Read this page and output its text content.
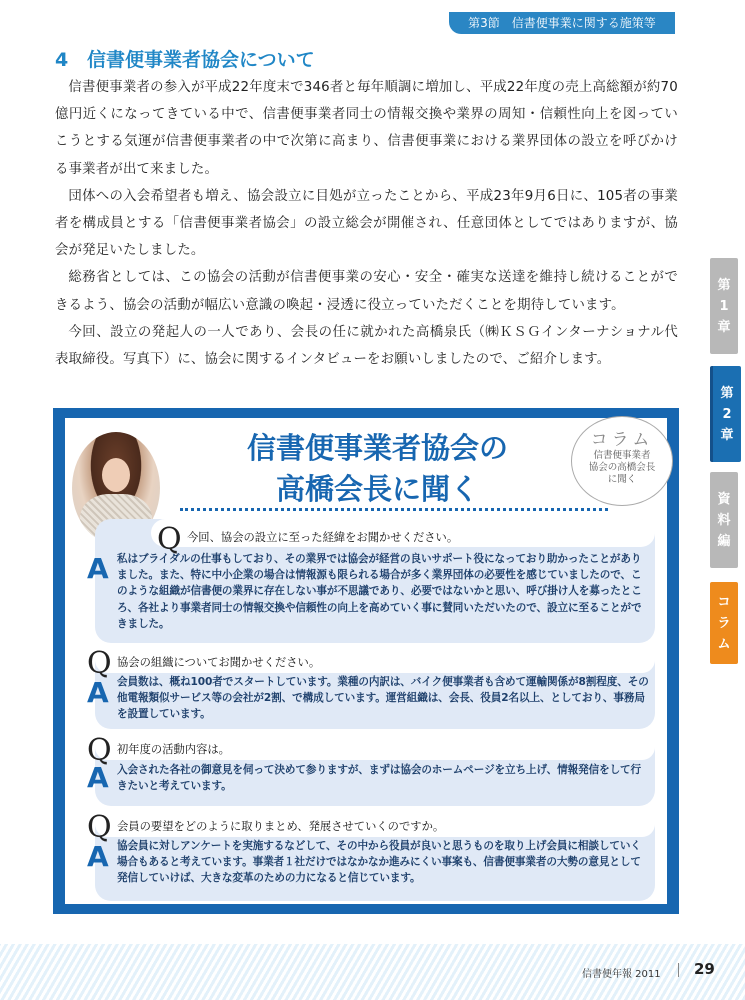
第3節　信書便事業に関する施策等
4 信書便事業者協会について

信書便事業者の参入が平成22年度末で346者と毎年順調に増加し、平成22年度の売上高総額が約70億円近くになってきている中で、信書便事業者同士の情報交換や業界の周知・信頼性向上を図っていこうとする気運が信書便事業者の中で次第に高まり、信書便事業における業界団体の設立を呼びかける事業者が出て来ました。

団体への入会希望者も増え、協会設立に目処が立ったことから、平成23年9月6日に、105者の事業者を構成員とする「信書便事業者協会」の設立総会が開催され、任意団体としてではありますが、協会が発足いたしました。

総務省としては、この協会の活動が信書便事業の安心・安全・確実な送達を維持し続けることができるよう、協会の活動が幅広い意識の喚起・浸透に役立っていただくことを期待しています。

今回、設立の発起人の一人であり、会長の任に就かれた高橋泉氏（㈱ＫＳＧインターナショナル代表取締役。写真下）に、協会に関するインタビューをお願いしましたので、ご紹介します。

第
1
章
第
2
章
資
料
編
コ
ラ
ム
信書便事業者協会の
高橋会長に聞く
コラム
信書便事業者
協会の高橋会長
に聞く
Q 今回、協会の設立に至った経緯をお聞かせください。
A 私はブライダルの仕事もしており、その業界では協会が経営の良いサポート役になっており助かったことがありました。また、特に中小企業の場合は情報源も限られる場合が多く業界団体の必要性を感じていましたので、このような組織が信書便の業界に存在しない事が不思議であり、必要ではないかと思い、呼び掛け人を募ったところ、各社より事業者同士の情報交換や信頼性の向上を高めていく事に賛同いただいたので、設立に至ることができました。
Q 協会の組織についてお聞かせください。
A 会員数は、概ね100者でスタートしています。業種の内訳は、バイク便事業者も含めて運輸関係が8割程度、その他電報類似サービス等の会社が2割、で構成しています。運営組織は、会長、役員2名以上、としており、事務局を設置しています。
Q 初年度の活動内容は。
A 入会された各社の御意見を伺って決めて参りますが、まずは協会のホームページを立ち上げ、情報発信をして行きたいと考えています。
Q 会員の要望をどのように取りまとめ、発展させていくのですか。
A 協会員に対しアンケートを実施するなどして、その中から役員が良いと思うものを取り上げ会員に相談していく場合もあると考えています。事業者１社だけではなかなか進みにくい事案も、信書便事業者の大勢の意見として発信していけば、大きな変革のための力になると信じています。
信書便年報 2011 29
